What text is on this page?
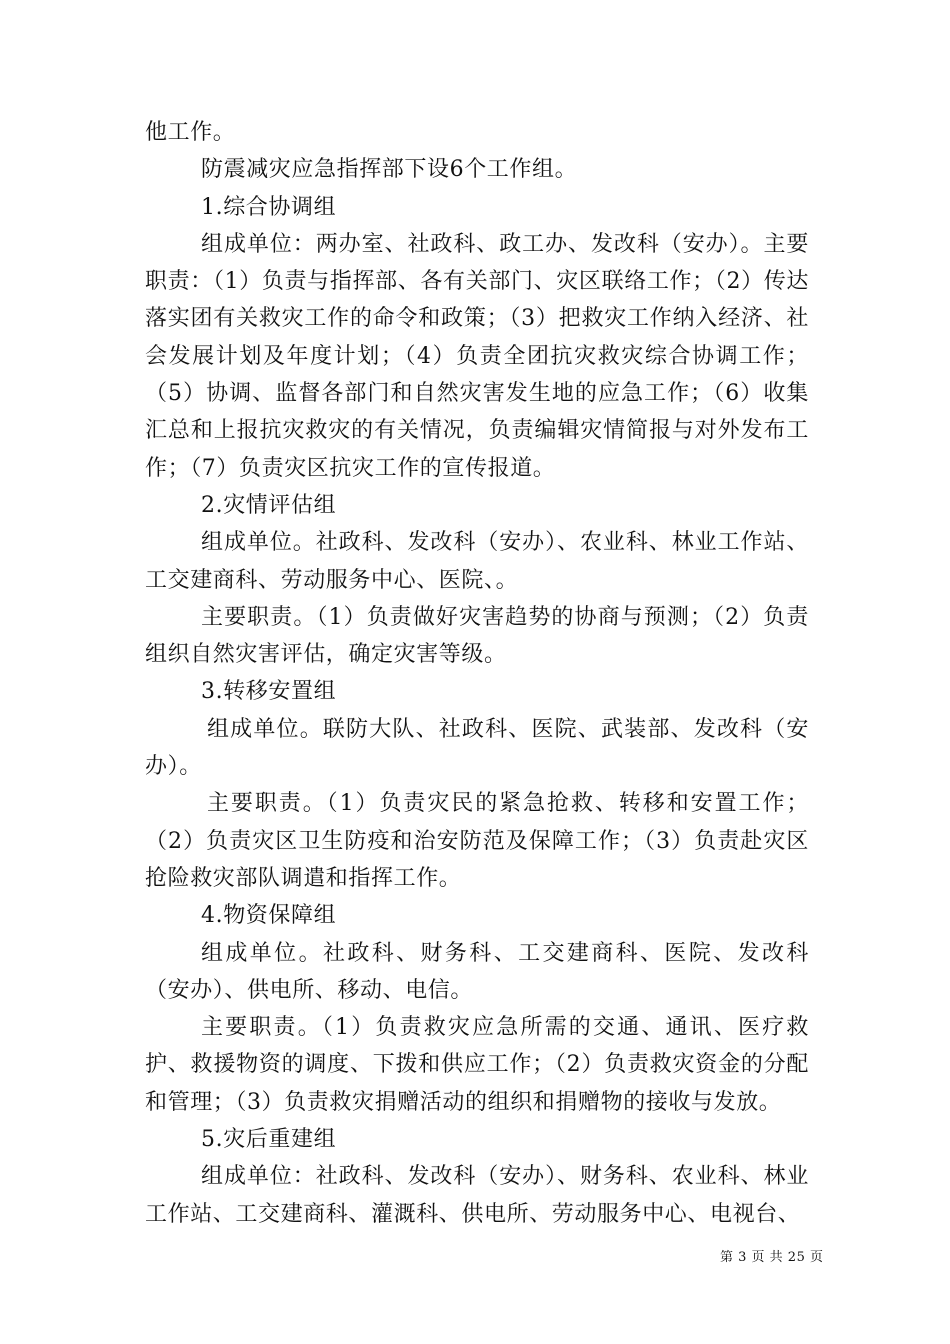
他工作。

防震减灾应急指挥部下设6个工作组。

1.综合协调组

组成单位：两办室、社政科、政工办、发改科（安办）。主要职责：（1）负责与指挥部、各有关部门、灾区联络工作；（2）传达落实团有关救灾工作的命令和政策；（3）把救灾工作纳入经济、社会发展计划及年度计划；（4）负责全团抗灾救灾综合协调工作；（5）协调、监督各部门和自然灾害发生地的应急工作；（6）收集汇总和上报抗灾救灾的有关情况，负责编辑灾情简报与对外发布工作；（7）负责灾区抗灾工作的宣传报道。

2.灾情评估组

组成单位。社政科、发改科（安办）、农业科、林业工作站、工交建商科、劳动服务中心、医院、。

主要职责。（1）负责做好灾害趋势的协商与预测；（2）负责组织自然灾害评估，确定灾害等级。

3.转移安置组

组成单位。联防大队、社政科、医院、武装部、发改科（安办）。

主要职责。（1）负责灾民的紧急抢救、转移和安置工作；（2）负责灾区卫生防疫和治安防范及保障工作；（3）负责赴灾区抢险救灾部队调遣和指挥工作。

4.物资保障组

组成单位。社政科、财务科、工交建商科、医院、发改科（安办）、供电所、移动、电信。

主要职责。（1）负责救灾应急所需的交通、通讯、医疗救护、救援物资的调度、下拨和供应工作；（2）负责救灾资金的分配和管理；（3）负责救灾捐赠活动的组织和捐赠物的接收与发放。

5.灾后重建组

组成单位：社政科、发改科（安办）、财务科、农业科、林业工作站、工交建商科、灌溉科、供电所、劳动服务中心、电视台、

第 3 页 共 25 页
